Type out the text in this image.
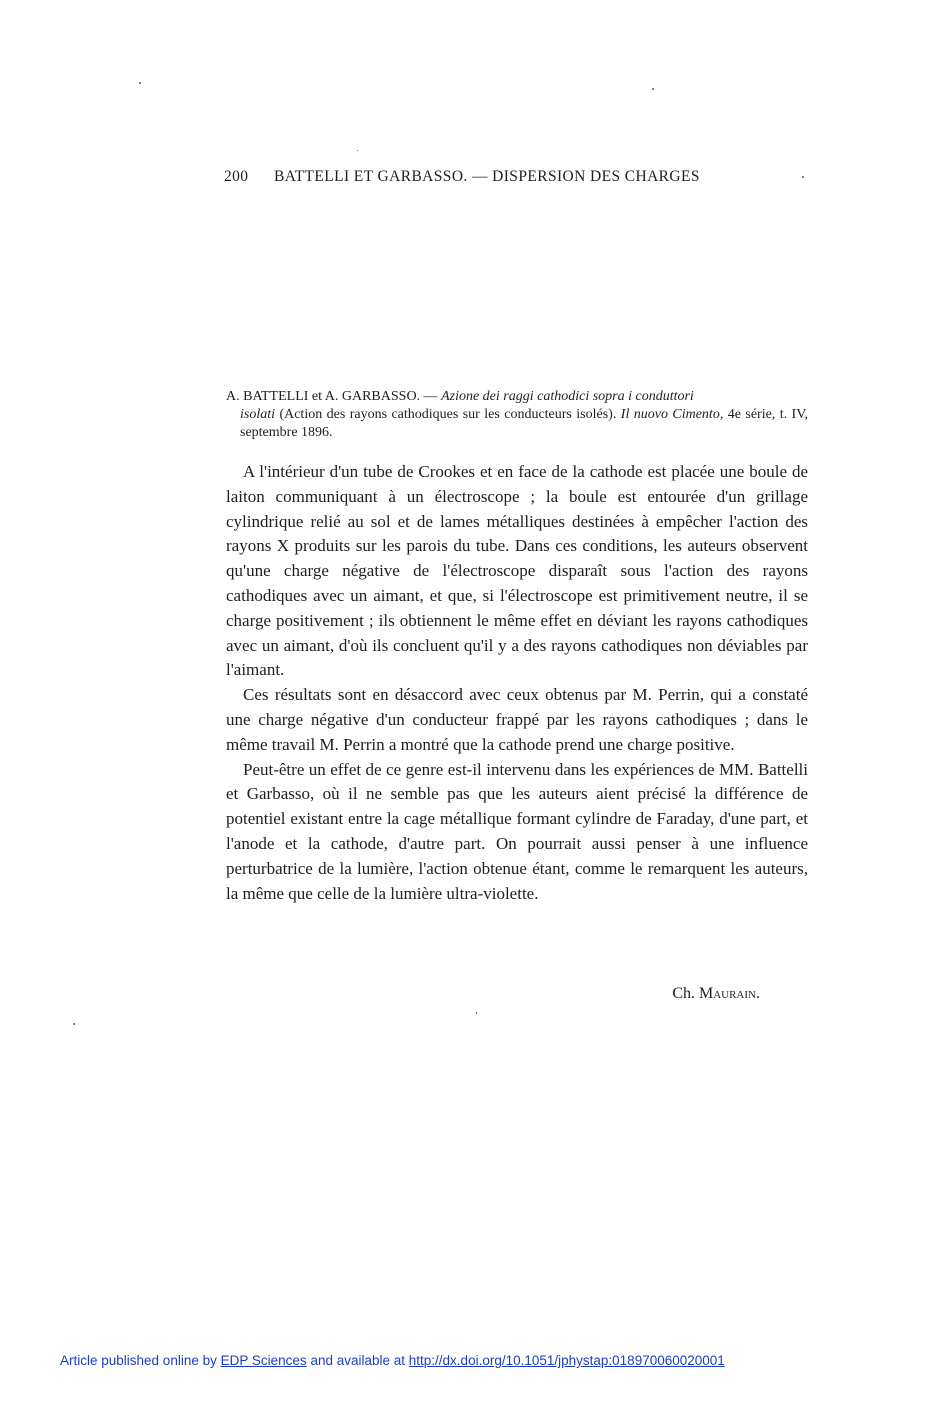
200 BATTELLI ET GARBASSO. — DISPERSION DES CHARGES
A. BATTELLI et A. GARBASSO. — Azione dei raggi cathodici sopra i conduttori
isolati (Action des rayons cathodiques sur les conducteurs isolés). Il nuovo Cimento, 4e série, t. IV, septembre 1896.

A l'intérieur d'un tube de Crookes et en face de la cathode est placée une boule de laiton communiquant à un électroscope ; la boule est entourée d'un grillage cylindrique relié au sol et de lames métalliques destinées à empêcher l'action des rayons X produits sur les parois du tube. Dans ces conditions, les auteurs observent qu'une charge négative de l'électroscope disparaît sous l'action des rayons cathodiques avec un aimant, et que, si l'électroscope est primitivement neutre, il se charge positivement ; ils obtiennent le même effet en déviant les rayons cathodiques avec un aimant, d'où ils concluent qu'il y a des rayons cathodiques non déviables par l'aimant.

Ces résultats sont en désaccord avec ceux obtenus par M. Perrin, qui a constaté une charge négative d'un conducteur frappé par les rayons cathodiques ; dans le même travail M. Perrin a montré que la cathode prend une charge positive.

Peut-être un effet de ce genre est-il intervenu dans les expériences de MM. Battelli et Garbasso, où il ne semble pas que les auteurs aient précisé la différence de potentiel existant entre la cage métallique formant cylindre de Faraday, d'une part, et l'anode et la cathode, d'autre part. On pourrait aussi penser à une influence perturbatrice de la lumière, l'action obtenue étant, comme le remarquent les auteurs, la même que celle de la lumière ultra-violette.

Ch. Maurain.
Article published online by EDP Sciences and available at http://dx.doi.org/10.1051/jphystap:018970060020001
